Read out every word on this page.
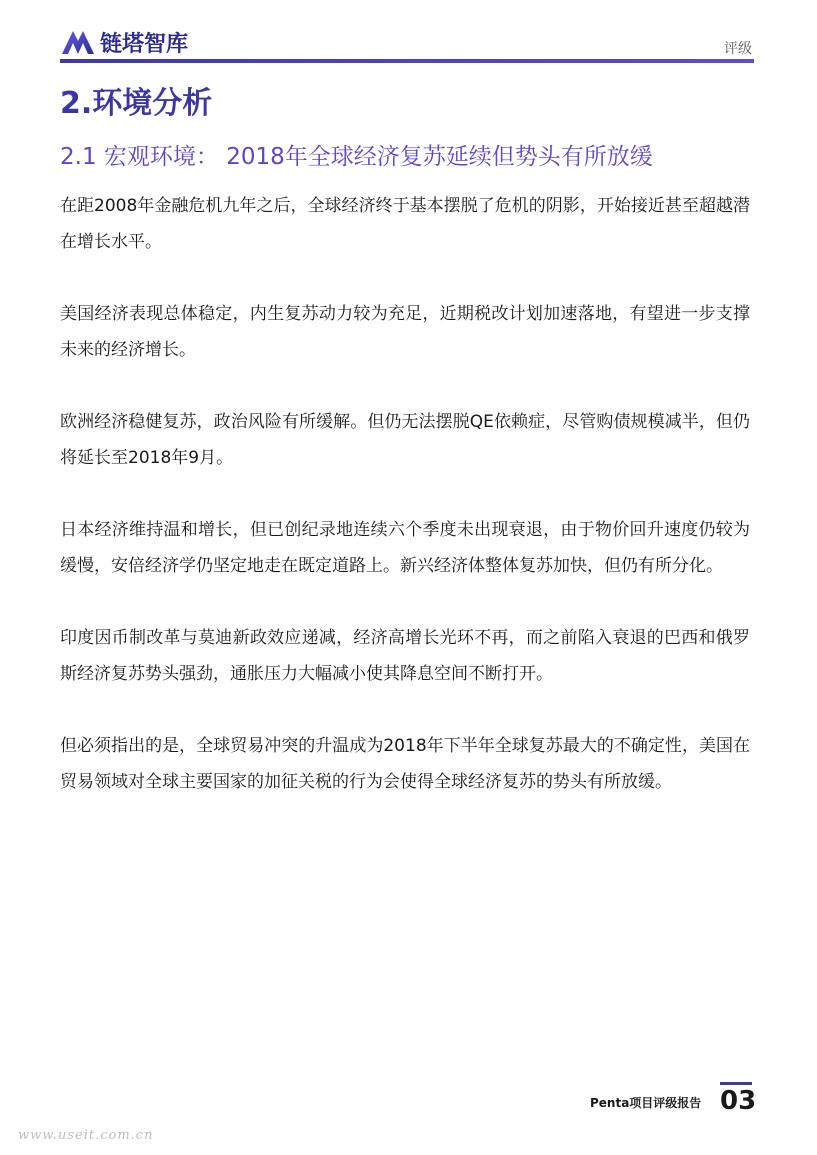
链塔智库	评级
2.环境分析
2.1 宏观环境： 2018年全球经济复苏延续但势头有所放缓

在距2008年金融危机九年之后，全球经济终于基本摆脱了危机的阴影，开始接近甚至超越潜在增长水平。

美国经济表现总体稳定，内生复苏动力较为充足，近期税改计划加速落地，有望进一步支撑未来的经济增长。

欧洲经济稳健复苏，政治风险有所缓解。但仍无法摆脱QE依赖症，尽管购债规模减半，但仍将延长至2018年9月。

日本经济维持温和增长，但已创纪录地连续六个季度未出现衰退，由于物价回升速度仍较为缓慢，安倍经济学仍坚定地走在既定道路上。新兴经济体整体复苏加快，但仍有所分化。

印度因币制改革与莫迪新政效应递减，经济高增长光环不再，而之前陷入衰退的巴西和俄罗斯经济复苏势头强劲，通胀压力大幅减小使其降息空间不断打开。

但必须指出的是，全球贸易冲突的升温成为2018年下半年全球复苏最大的不确定性，美国在贸易领域对全球主要国家的加征关税的行为会使得全球经济复苏的势头有所放缓。

Penta项目评级报告 03
www.useit.com.cn
